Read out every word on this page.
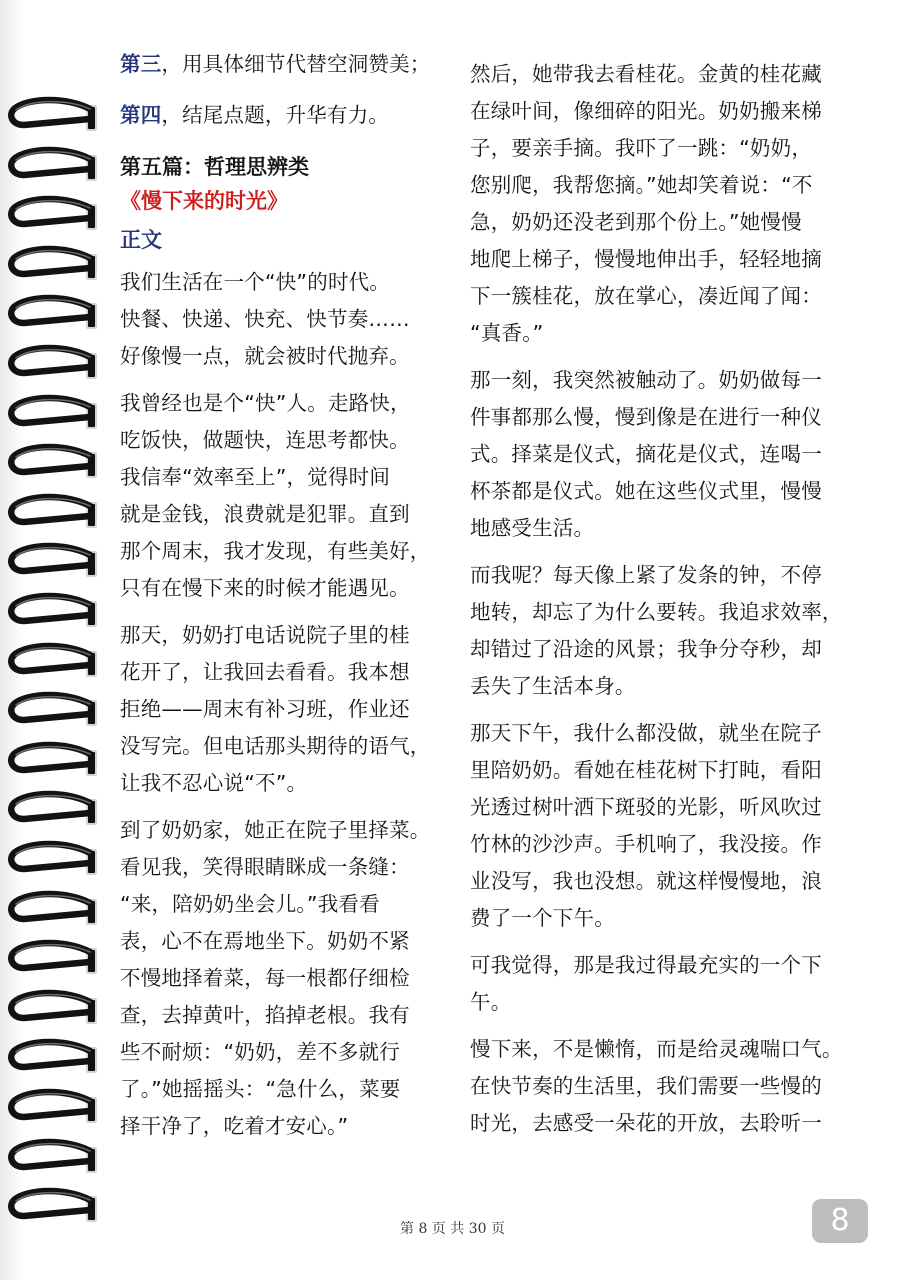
第三，用具体细节代替空洞赞美；
第四，结尾点题，升华有力。
第五篇：哲理思辨类
《慢下来的时光》
正文
我们生活在一个“快”的时代。
快餐、快递、快充、快节奏……
好像慢一点，就会被时代抛弃。
我曾经也是个“快”人。走路快，
吃饭快，做题快，连思考都快。
我信奉“效率至上”，觉得时间
就是金钱，浪费就是犯罪。直到
那个周末，我才发现，有些美好，
只有在慢下来的时候才能遇见。
那天，奶奶打电话说院子里的桂
花开了，让我回去看看。我本想
拒绝——周末有补习班，作业还
没写完。但电话那头期待的语气，
让我不忍心说“不”。
到了奶奶家，她正在院子里择菜。
看见我，笑得眼睛眯成一条缝：
“来，陪奶奶坐会儿。”我看看
表，心不在焉地坐下。奶奶不紧
不慢地择着菜，每一根都仔细检
查，去掉黄叶，掐掉老根。我有
些不耐烦：“奶奶，差不多就行
了。”她摇摇头：“急什么，菜要
择干净了，吃着才安心。”
然后，她带我去看桂花。金黄的桂花藏
在绿叶间，像细碎的阳光。奶奶搬来梯
子，要亲手摘。我吓了一跳：“奶奶，
您别爬，我帮您摘。”她却笑着说：“不
急，奶奶还没老到那个份上。”她慢慢
地爬上梯子，慢慢地伸出手，轻轻地摘
下一簇桂花，放在掌心，凑近闻了闻：
“真香。”
那一刻，我突然被触动了。奶奶做每一
件事都那么慢，慢到像是在进行一种仪
式。择菜是仪式，摘花是仪式，连喝一
杯茶都是仪式。她在这些仪式里，慢慢
地感受生活。
而我呢？每天像上紧了发条的钟，不停
地转，却忘了为什么要转。我追求效率，
却错过了沿途的风景；我争分夺秒，却
丢失了生活本身。
那天下午，我什么都没做，就坐在院子
里陪奶奶。看她在桂花树下打盹，看阳
光透过树叶洒下斑驳的光影，听风吹过
竹林的沙沙声。手机响了，我没接。作
业没写，我也没想。就这样慢慢地，浪
费了一个下午。
可我觉得，那是我过得最充实的一个下
午。
慢下来，不是懒惰，而是给灵魂喘口气。
在快节奏的生活里，我们需要一些慢的
时光，去感受一朵花的开放，去聆听一
第 8 页 共 30 页	8
